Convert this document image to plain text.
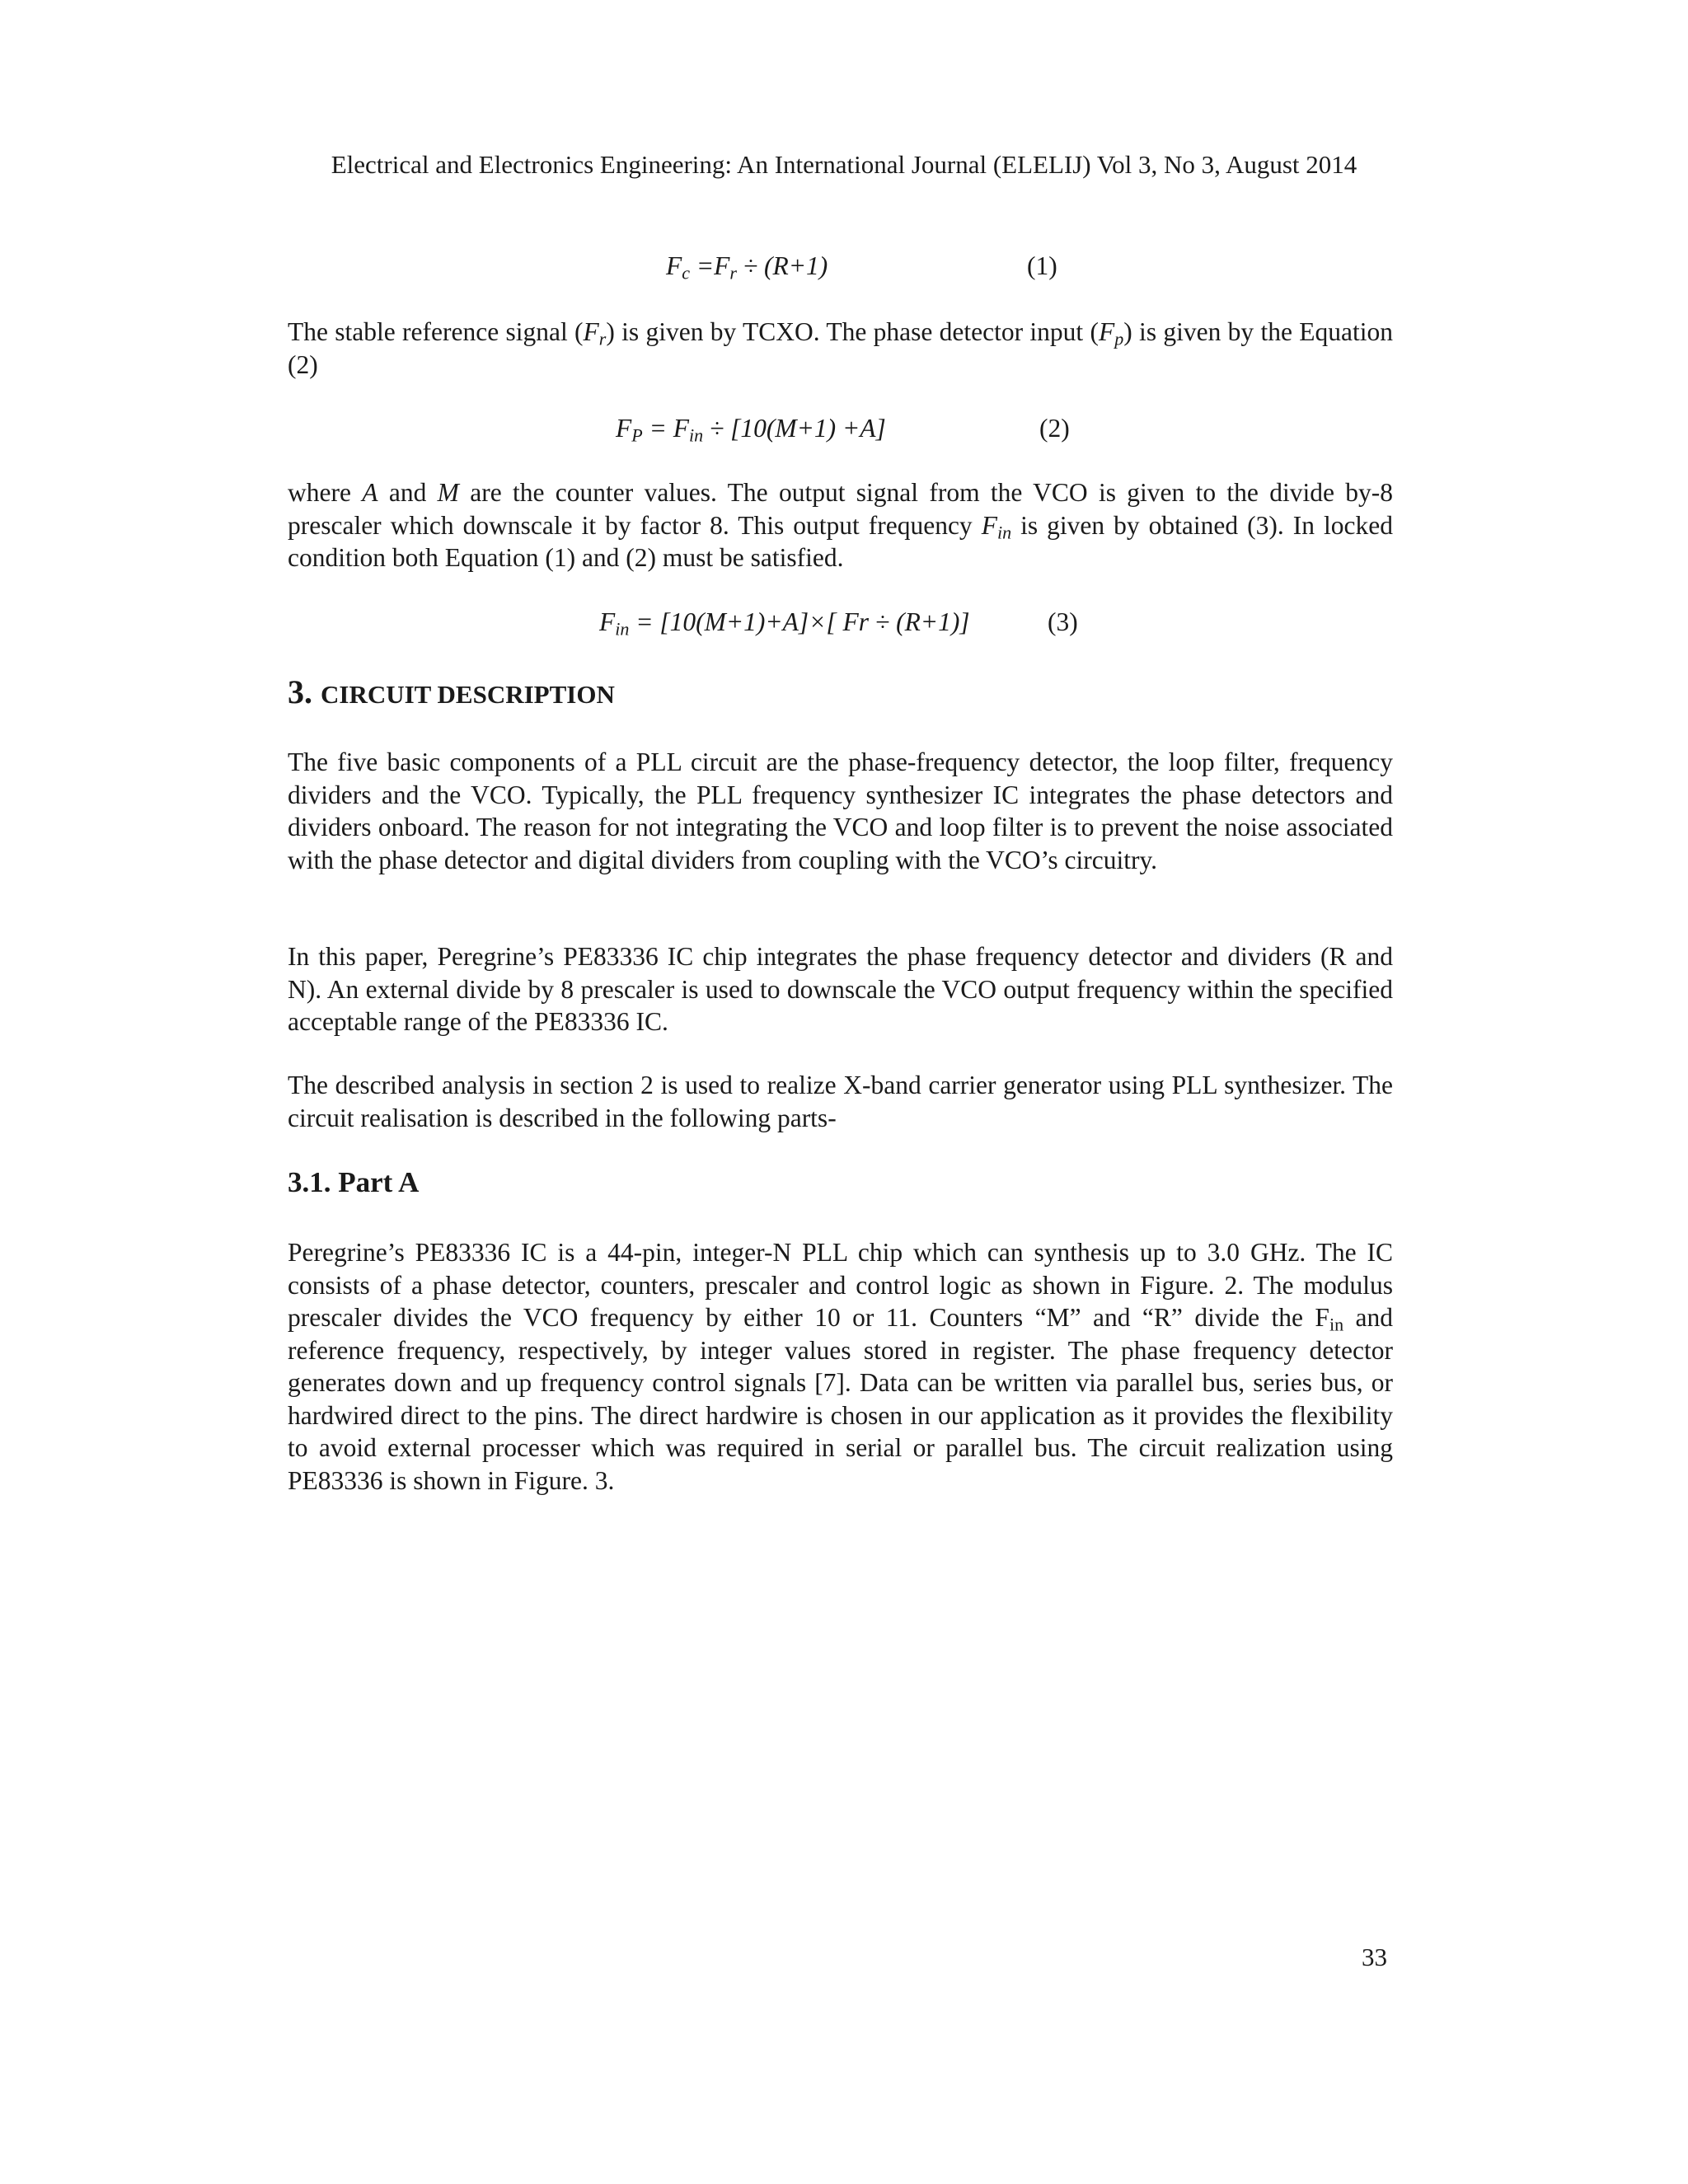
Electrical and Electronics Engineering: An International Journal (ELELIJ) Vol 3, No 3, August 2014
$F_c =F_r \div (R+1)$	(1)
The stable reference signal $(F_r)$ is given by TCXO. The phase detector input $(F_p)$ is given by the Equation (2)
$F_P = F_{in} \div [10(M+1) +A]$	(2)
where A and M are the counter values. The output signal from the VCO is given to the divide by-8 prescaler which downscale it by factor 8. This output frequency $F_{in}$ is given by obtained (3). In locked condition both Equation (1) and (2) must be satisfied.
$F_{in} = [10(M+1)+A]\times$[ Fr ÷ (R+1)]	(3)
3. CIRCUIT DESCRIPTION
The five basic components of a PLL circuit are the phase-frequency detector, the loop filter, frequency dividers and the VCO. Typically, the PLL frequency synthesizer IC integrates the phase detectors and dividers onboard. The reason for not integrating the VCO and loop filter is to prevent the noise associated with the phase detector and digital dividers from coupling with the VCO’s circuitry.
In this paper, Peregrine’s PE83336 IC chip integrates the phase frequency detector and dividers (R and N). An external divide by 8 prescaler is used to downscale the VCO output frequency within the specified acceptable range of the PE83336 IC.
The described analysis in section 2 is used to realize X-band carrier generator using PLL synthesizer. The circuit realisation is described in the following parts-
3.1. Part A
Peregrine’s PE83336 IC is a 44-pin, integer-N PLL chip which can synthesis up to 3.0 GHz. The IC consists of a phase detector, counters, prescaler and control logic as shown in Figure. 2. The modulus prescaler divides the VCO frequency by either 10 or 11. Counters “M” and “R” divide the $F_{in}$ and reference frequency, respectively, by integer values stored in register. The phase frequency detector generates down and up frequency control signals [7]. Data can be written via parallel bus, series bus, or hardwired direct to the pins. The direct hardwire is chosen in our application as it provides the flexibility to avoid external processer which was required in serial or parallel bus. The circuit realization using PE83336 is shown in Figure. 3.
33
